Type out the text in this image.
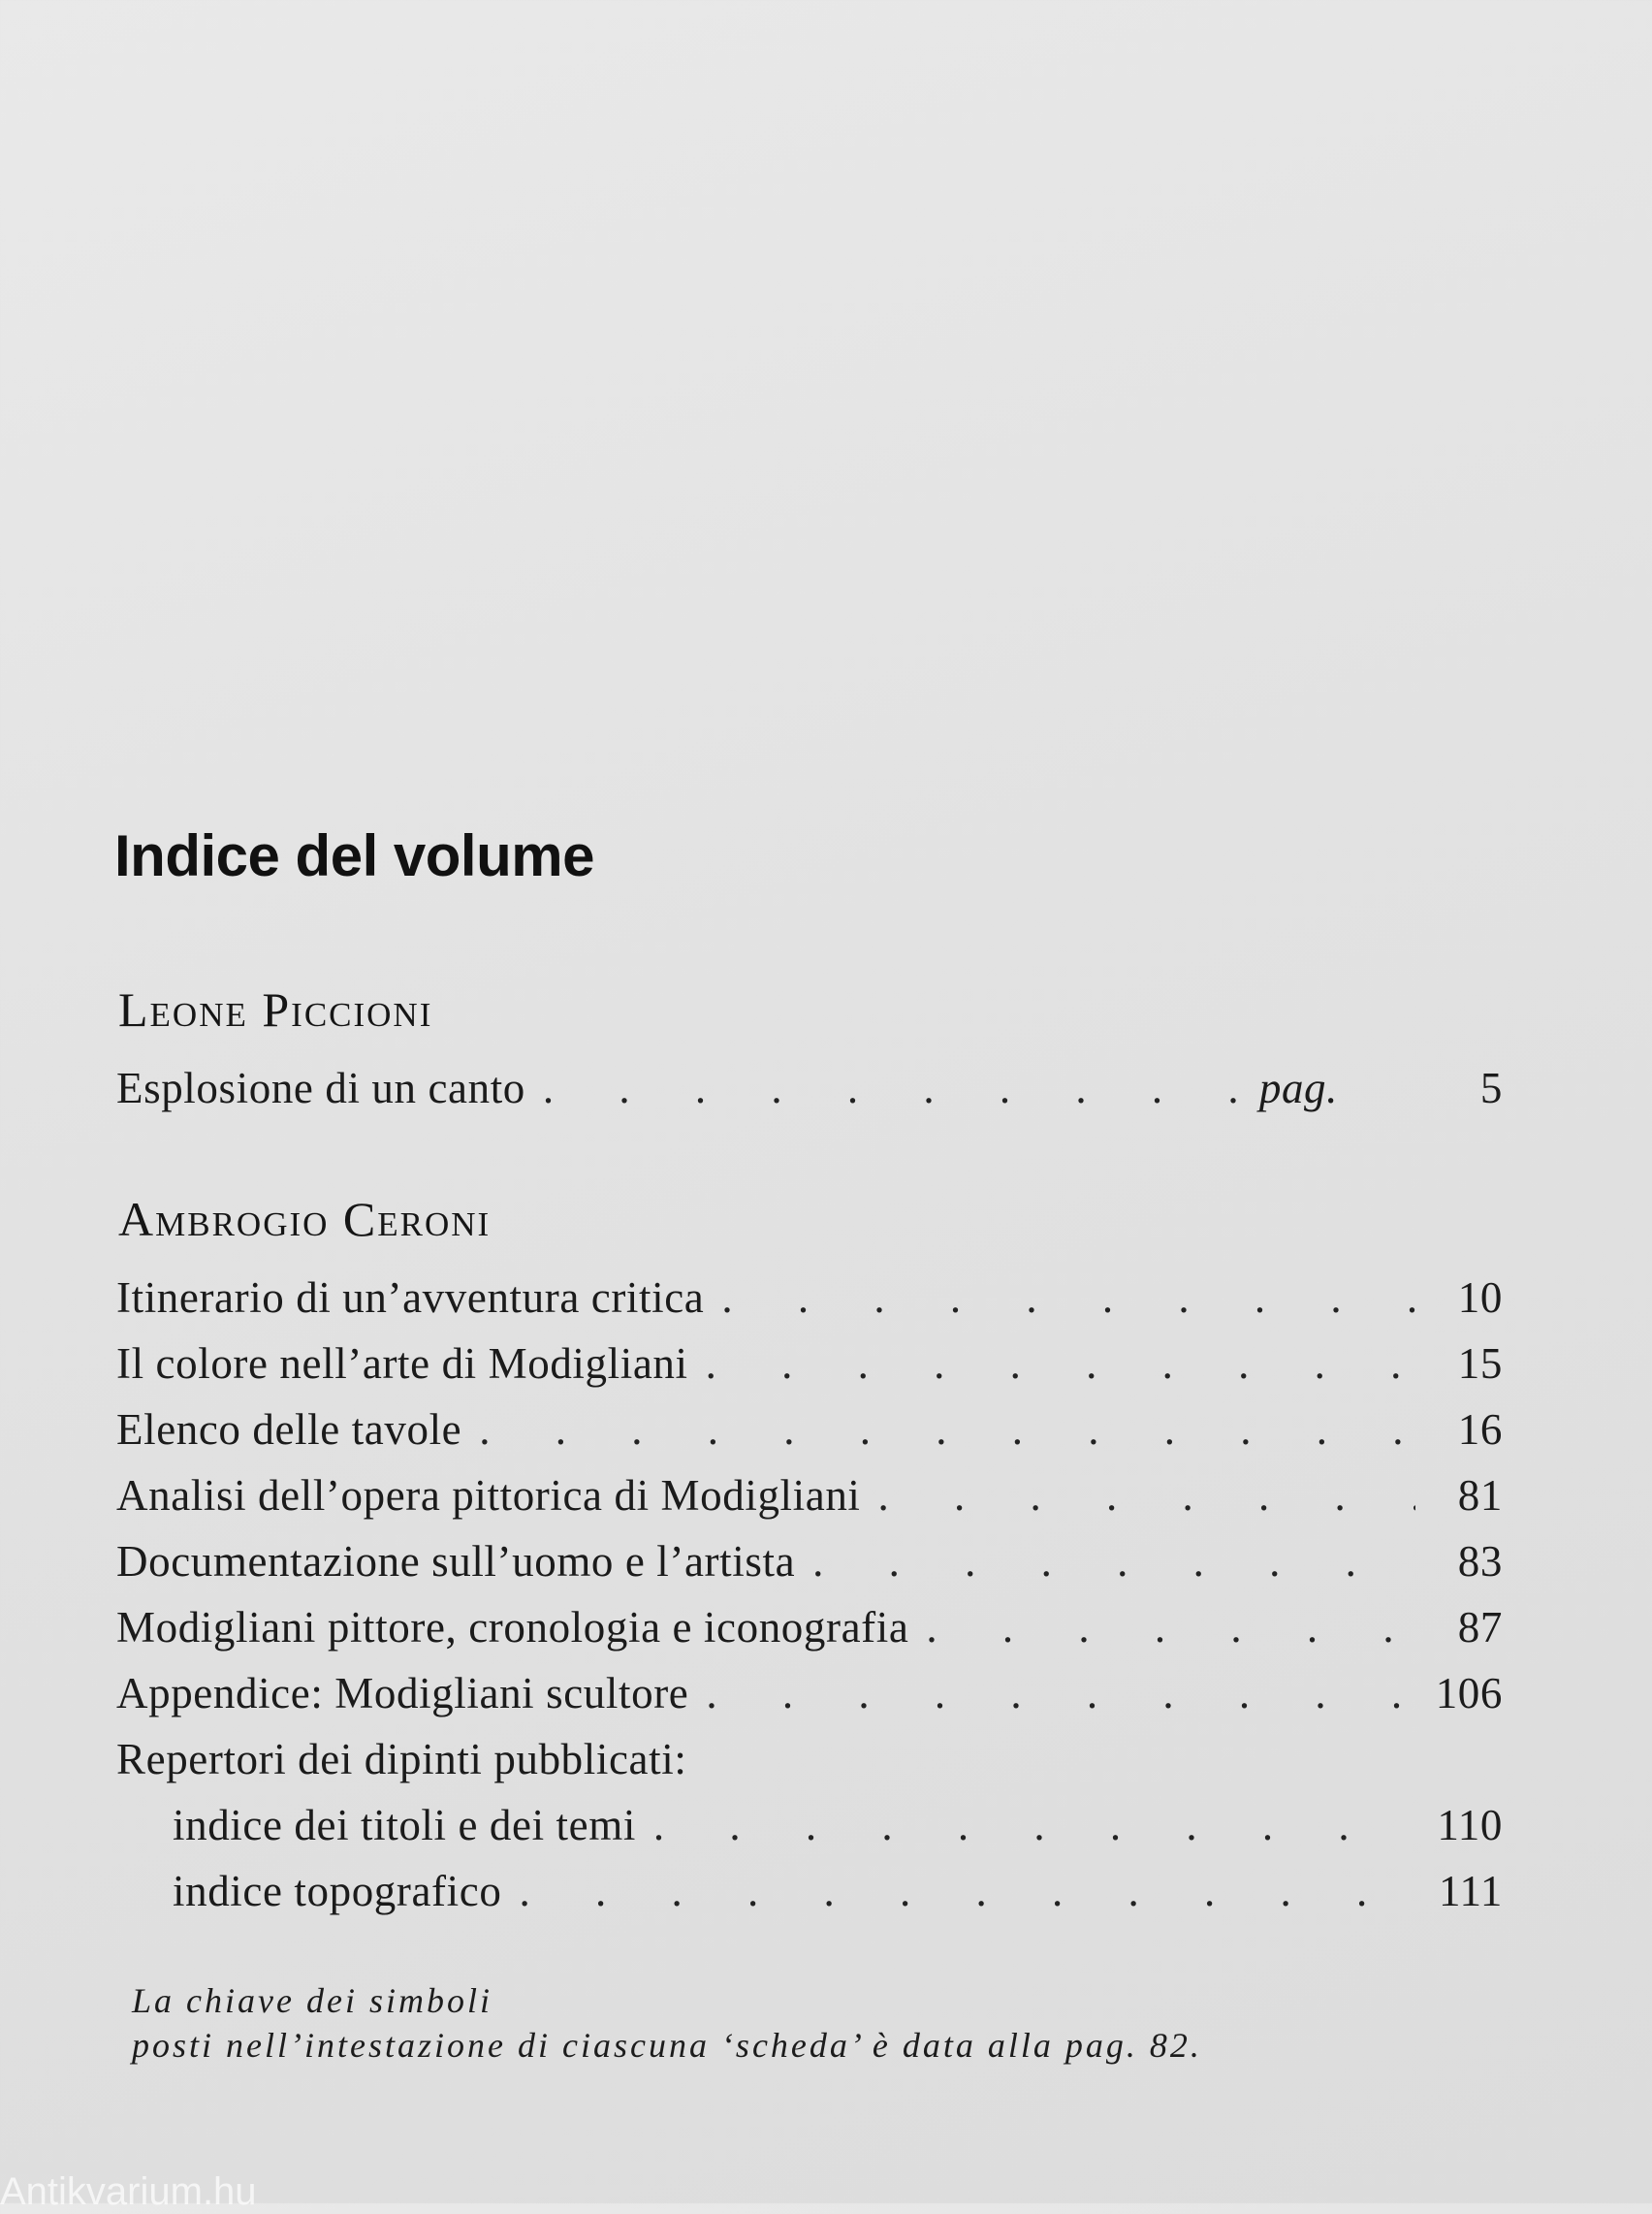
Indice del volume
Leone Piccioni
Esplosione di un canto . . .	pag.	5
Ambrogio Ceroni
Itinerario di un’avventura critica . . .	10
Il colore nell’arte di Modigliani . . .	15
Elenco delle tavole . . .	16
Analisi dell’opera pittorica di Modigliani . . .	81
Documentazione sull’uomo e l’artista . . .	83
Modigliani pittore, cronologia e iconografia . . .	87
Appendice: Modigliani scultore . . .	106
Repertori dei dipinti pubblicati:
indice dei titoli e dei temi . . .	110
indice topografico . . .	111
La chiave dei simboli
posti nell’intestazione di ciascuna ‘scheda’ è data alla pag. 82.
Antikvarium.hu
